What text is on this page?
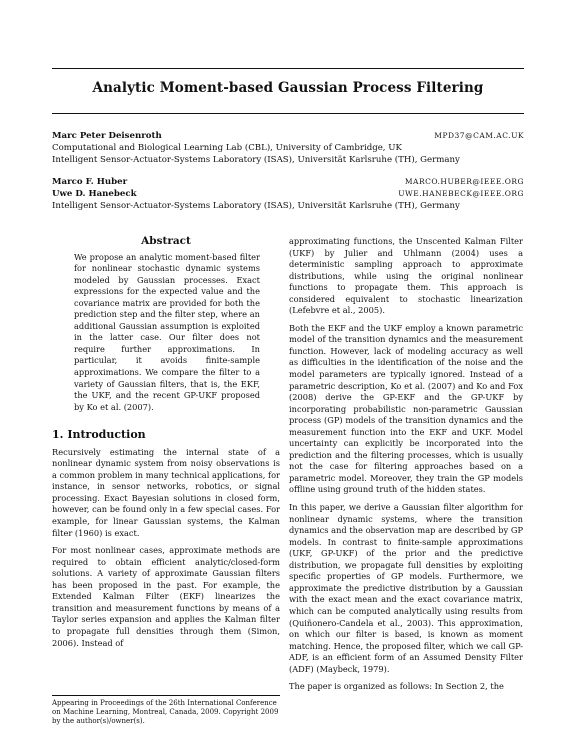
Analytic Moment-based Gaussian Process Filtering
Marc Peter Deisenroth	MPD37@CAM.AC.UK
Computational and Biological Learning Lab (CBL), University of Cambridge, UK
Intelligent Sensor-Actuator-Systems Laboratory (ISAS), Universität Karlsruhe (TH), Germany
Marco F. Huber	MARCO.HUBER@IEEE.ORG
Uwe D. Hanebeck	UWE.HANEBECK@IEEE.ORG
Intelligent Sensor-Actuator-Systems Laboratory (ISAS), Universität Karlsruhe (TH), Germany
Abstract

We propose an analytic moment-based filter for nonlinear stochastic dynamic systems modeled by Gaussian processes. Exact expressions for the expected value and the covariance matrix are provided for both the prediction step and the filter step, where an additional Gaussian assumption is exploited in the latter case. Our filter does not require further approximations. In particular, it avoids finite-sample approximations. We compare the filter to a variety of Gaussian filters, that is, the EKF, the UKF, and the recent GP-UKF proposed by Ko et al. (2007).

1. Introduction

Recursively estimating the internal state of a nonlinear dynamic system from noisy observations is a common problem in many technical applications, for instance, in sensor networks, robotics, or signal processing. Exact Bayesian solutions in closed form, however, can be found only in a few special cases. For example, for linear Gaussian systems, the Kalman filter (1960) is exact.

For most nonlinear cases, approximate methods are required to obtain efficient analytic/closed-form solutions. A variety of approximate Gaussian filters has been proposed in the past. For example, the Extended Kalman Filter (EKF) linearizes the transition and measurement functions by means of a Taylor series expansion and applies the Kalman filter to propagate full densities through them (Simon, 2006). Instead of

approximating functions, the Unscented Kalman Filter (UKF) by Julier and Uhlmann (2004) uses a deterministic sampling approach to approximate distributions, while using the original nonlinear functions to propagate them. This approach is considered equivalent to stochastic linearization (Lefebvre et al., 2005).

Both the EKF and the UKF employ a known parametric model of the transition dynamics and the measurement function. However, lack of modeling accuracy as well as difficulties in the identification of the noise and the model parameters are typically ignored. Instead of a parametric description, Ko et al. (2007) and Ko and Fox (2008) derive the GP-EKF and the GP-UKF by incorporating probabilistic non-parametric Gaussian process (GP) models of the transition dynamics and the measurement function into the EKF and UKF. Model uncertainty can explicitly be incorporated into the prediction and the filtering processes, which is usually not the case for filtering approaches based on a parametric model. Moreover, they train the GP models offline using ground truth of the hidden states.

In this paper, we derive a Gaussian filter algorithm for nonlinear dynamic systems, where the transition dynamics and the observation map are described by GP models. In contrast to finite-sample approximations (UKF, GP-UKF) of the prior and the predictive distribution, we propagate full densities by exploiting specific properties of GP models. Furthermore, we approximate the predictive distribution by a Gaussian with the exact mean and the exact covariance matrix, which can be computed analytically using results from (Quiñonero-Candela et al., 2003). This approximation, on which our filter is based, is known as moment matching. Hence, the proposed filter, which we call GP-ADF, is an efficient form of an Assumed Density Filter (ADF) (Maybeck, 1979).

The paper is organized as follows: In Section 2, the

Appearing in Proceedings of the 26th International Conference on Machine Learning, Montreal, Canada, 2009. Copyright 2009 by the author(s)/owner(s).
